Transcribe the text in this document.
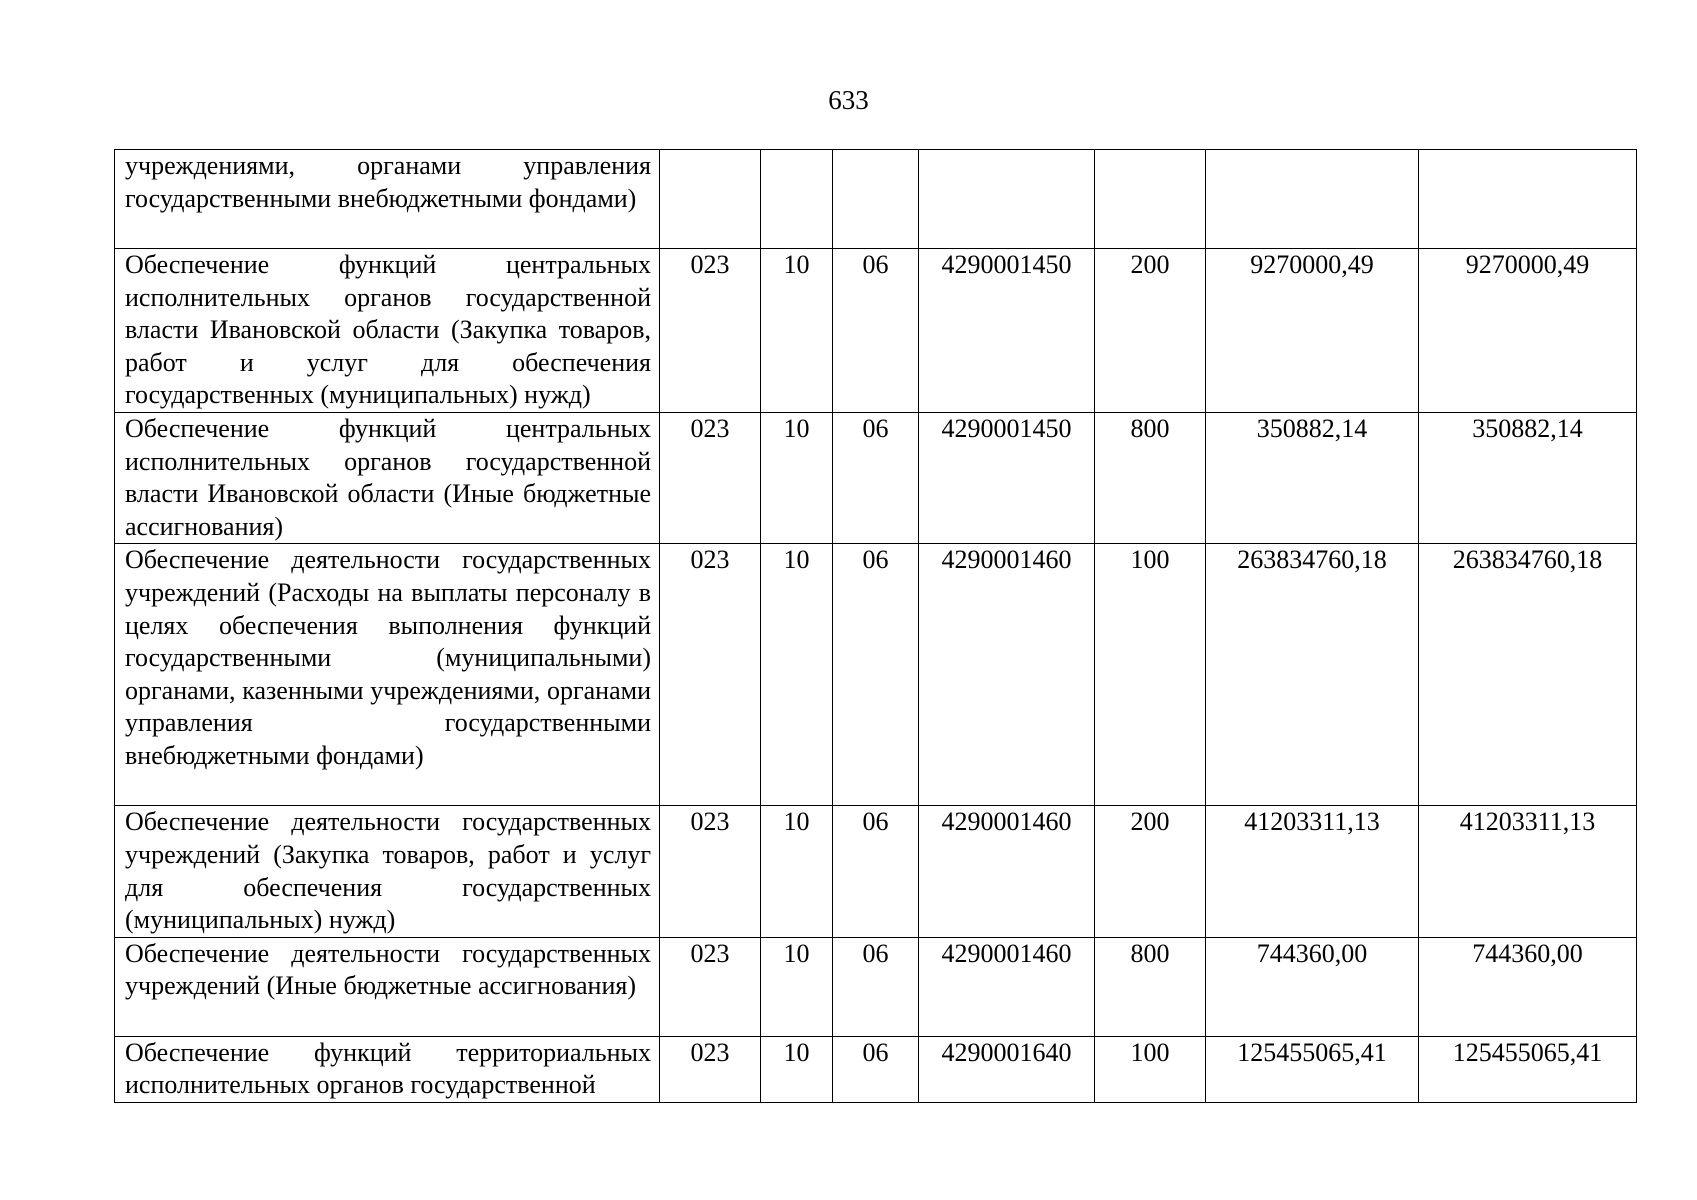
633
учреждениями, органами управления государственными внебюджетными фондами)							
Обеспечение функций центральных исполнительных органов государственной власти Ивановской области (Закупка товаров, работ и услуг для обеспечения государственных (муниципальных) нужд)	023	10	06	4290001450	200	9270000,49	9270000,49
Обеспечение функций центральных исполнительных органов государственной власти Ивановской области (Иные бюджетные ассигнования)	023	10	06	4290001450	800	350882,14	350882,14
Обеспечение деятельности государственных учреждений (Расходы на выплаты персоналу в целях обеспечения выполнения функций государственными (муниципальными) органами, казенными учреждениями, органами управления государственными внебюджетными фондами)	023	10	06	4290001460	100	263834760,18	263834760,18
Обеспечение деятельности государственных учреждений (Закупка товаров, работ и услуг для обеспечения государственных (муниципальных) нужд)	023	10	06	4290001460	200	41203311,13	41203311,13
Обеспечение деятельности государственных учреждений (Иные бюджетные ассигнования)	023	10	06	4290001460	800	744360,00	744360,00
Обеспечение функций территориальных исполнительных органов государственной	023	10	06	4290001640	100	125455065,41	125455065,41
